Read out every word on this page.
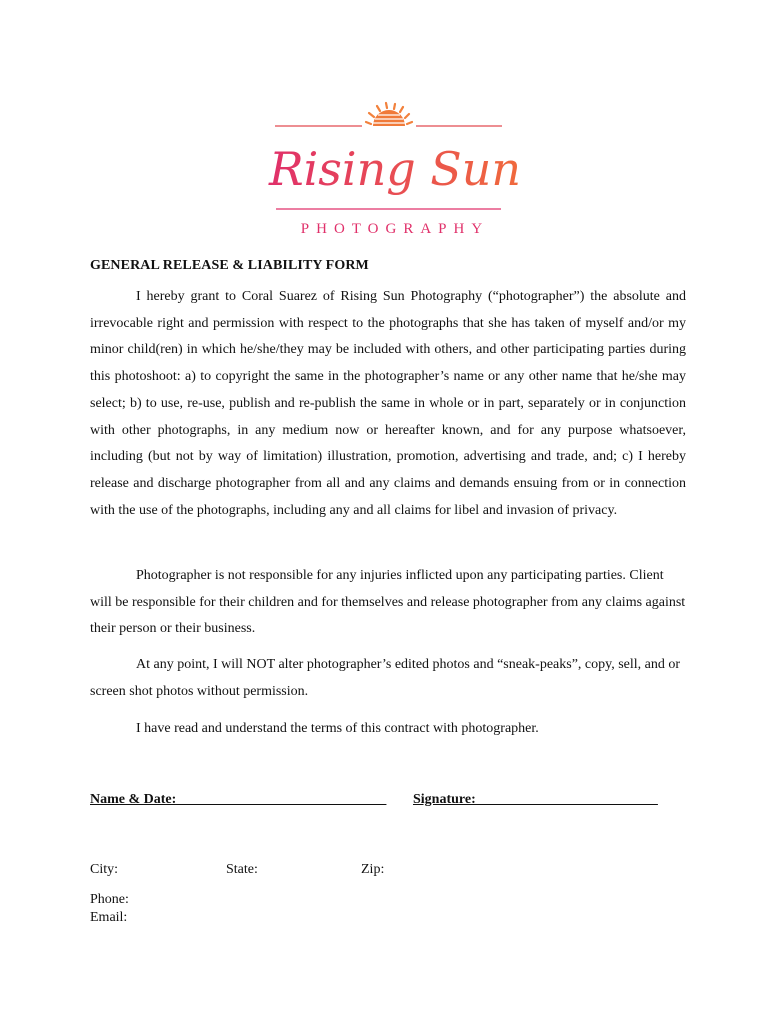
Rising Sun
PHOTOGRAPHY
GENERAL RELEASE & LIABILITY FORM

I hereby grant to Coral Suarez of Rising Sun Photography (“photographer”) the absolute and irrevocable right and permission with respect to the photographs that she has taken of myself and/or my minor child(ren) in which he/she/they may be included with others, and other participating parties during this photoshoot: a) to copyright the same in the photographer’s name or any other name that he/she may select; b) to use, re-use, publish and re-publish the same in whole or in part, separately or in conjunction with other photographs, in any medium now or hereafter known, and for any purpose whatsoever, including (but not by way of limitation) illustration, promotion, advertising and trade, and; c) I hereby release and discharge photographer from all and any claims and demands ensuing from or in connection with the use of the photographs, including any and all claims for libel and invasion of privacy.

Photographer is not responsible for any injuries inflicted upon any participating parties. Client will be responsible for their children and for themselves and release photographer from any claims against their person or their business.

At any point, I will NOT alter photographer’s edited photos and “sneak-peaks”, copy, sell, and or screen shot photos without permission.

I have read and understand the terms of this contract with photographer.

Name & Date:______________________________ Signature:__________________________
City:	State:	Zip:
Phone:
Email:
